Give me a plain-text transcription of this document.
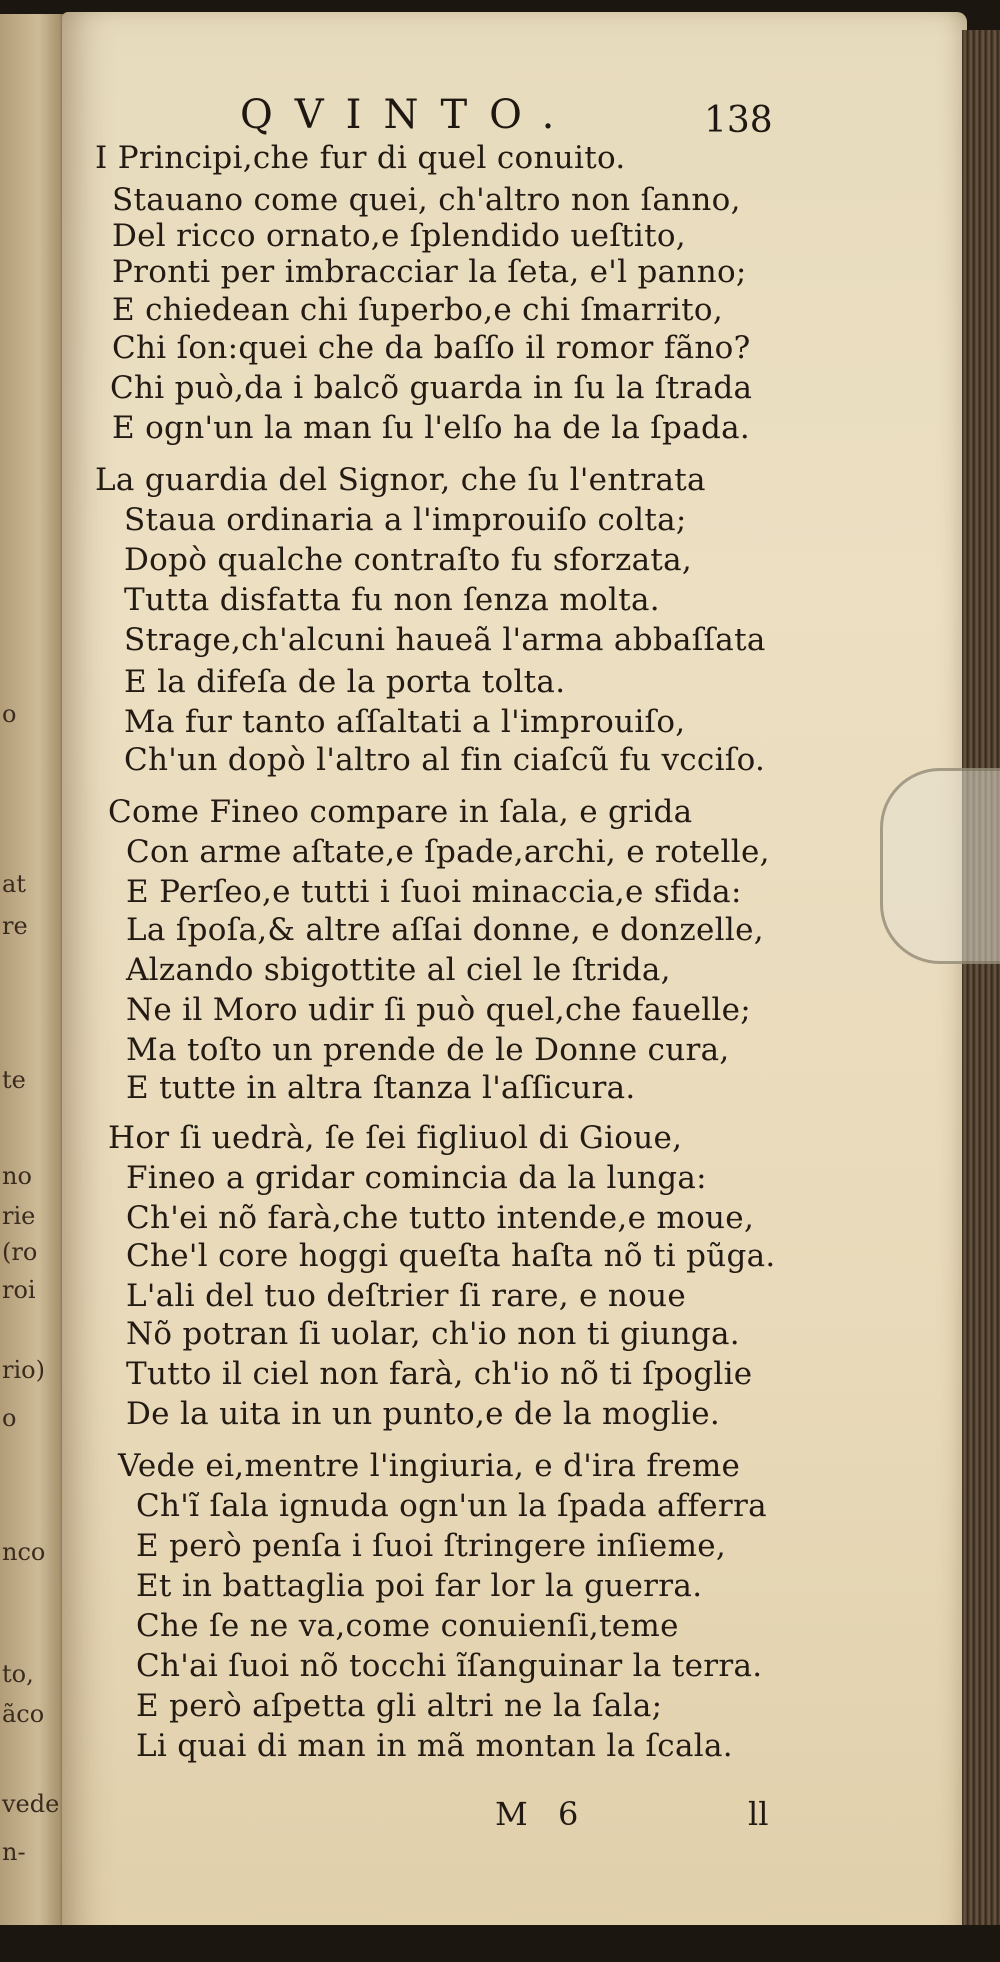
o
at
re
te
no
rie
(ro
roi
rio)
o
nco
to,
ãco
vede
n-
QVINTO.	138
I Principi,che fur di quel conuito.
Stauano come quei, ch'altro non ſanno,
Del ricco ornato,e ſplendido ueſtito,
Pronti per imbracciar la ſeta, e'l panno;
E chiedean chi ſuperbo,e chi ſmarrito,
Chi ſon:quei che da baſſo il romor fãno?
Chi può,da i balcõ guarda in ſu la ſtrada
E ogn'un la man ſu l'elſo ha de la ſpada.
La guardia del Signor, che ſu l'entrata
Staua ordinaria a l'improuiſo colta;
Dopò qualche contraſto fu sforzata,
Tutta disfatta fu non ſenza molta.
Strage,ch'alcuni haueã l'arma abbaſſata
E la difeſa de la porta tolta.
Ma fur tanto aſſaltati a l'improuiſo,
Ch'un dopò l'altro al fin ciaſcũ fu vcciſo.
Come Fineo compare in ſala, e grida
Con arme aſtate,e ſpade,archi, e rotelle,
E Perſeo,e tutti i ſuoi minaccia,e sfida:
La ſpoſa,& altre aſſai donne, e donzelle,
Alzando sbigottite al ciel le ſtrida,
Ne il Moro udir ſi può quel,che fauelle;
Ma toſto un prende de le Donne cura,
E tutte in altra ſtanza l'aſſicura.
Hor ſi uedrà, ſe ſei figliuol di Gioue,
Fineo a gridar comincia da la lunga:
Ch'ei nõ farà,che tutto intende,e moue,
Che'l core hoggi queſta haſta nõ ti pũga.
L'ali del tuo deſtrier ſi rare, e noue
Nõ potran ſi uolar, ch'io non ti giunga.
Tutto il ciel non farà, ch'io nõ ti ſpoglie
De la uita in un punto,e de la moglie.
Vede ei,mentre l'ingiuria, e d'ira freme
Ch'ĩ ſala ignuda ogn'un la ſpada afferra
E però penſa i ſuoi ſtringere inſieme,
Et in battaglia poi far lor la guerra.
Che ſe ne va,come conuienſi,teme
Ch'ai ſuoi nõ tocchi ĩſanguinar la terra.
E però aſpetta gli altri ne la ſala;
Li quai di man in mã montan la ſcala.
M 6	ll
